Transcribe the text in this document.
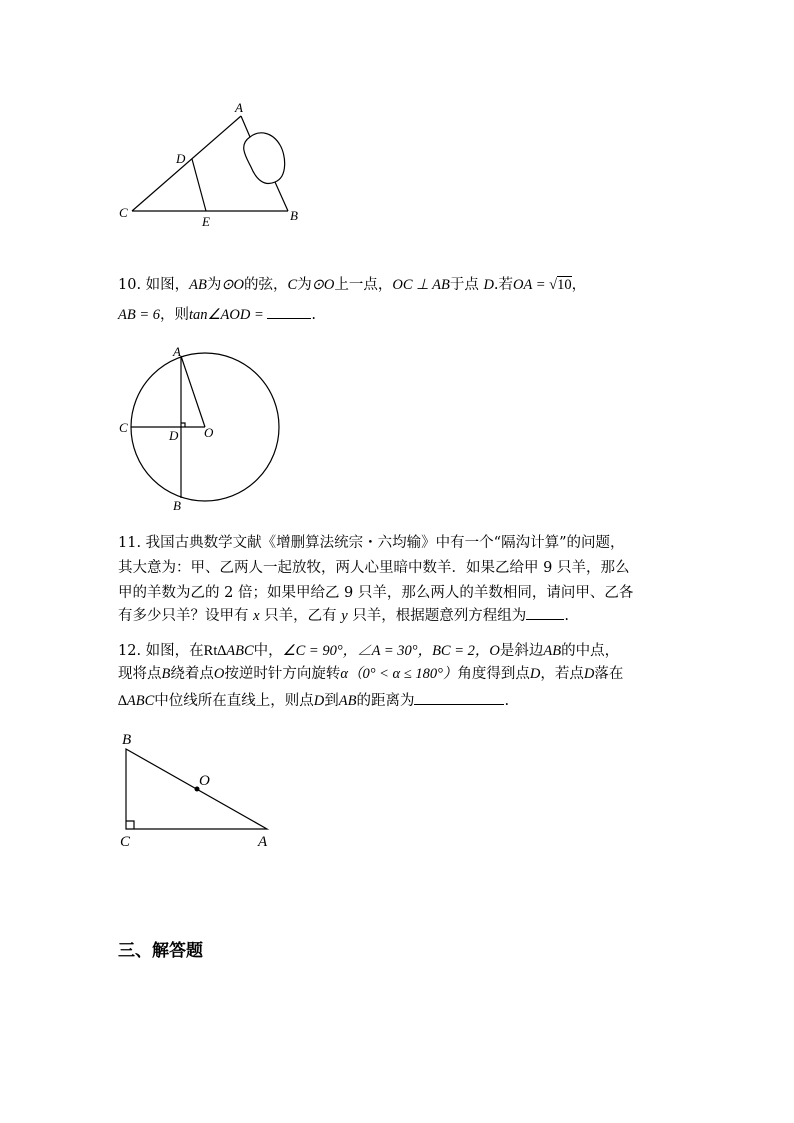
A
D
C
E	B
10. 如图，AB为⊙O的弦，C为⊙O上一点，OC ⊥ AB于点 D.若OA = √10，
AB = 6，则tan∠AOD =	.
A
C
D O
B
11. 我国古典数学文献《增删算法统宗・六均输》中有一个“隔沟计算”的问题，
其大意为：甲、乙两人一起放牧，两人心里暗中数羊．如果乙给甲 9 只羊，那么
甲的羊数为乙的 2 倍；如果甲给乙 9 只羊，那么两人的羊数相同，请问甲、乙各
有多少只羊？设甲有 x 只羊，乙有 y 只羊，根据题意列方程组为	.
12. 如图，在Rt∆ABC中，∠C = 90°，∠A = 30°，BC = 2，O是斜边AB的中点，
现将点B绕着点O按逆时针方向旋转α（0° < α ≤ 180°）角度得到点D，若点D落在
∆ABC中位线所在直线上，则点D到AB的距离为	.
B
O
C	A
三、解答题
